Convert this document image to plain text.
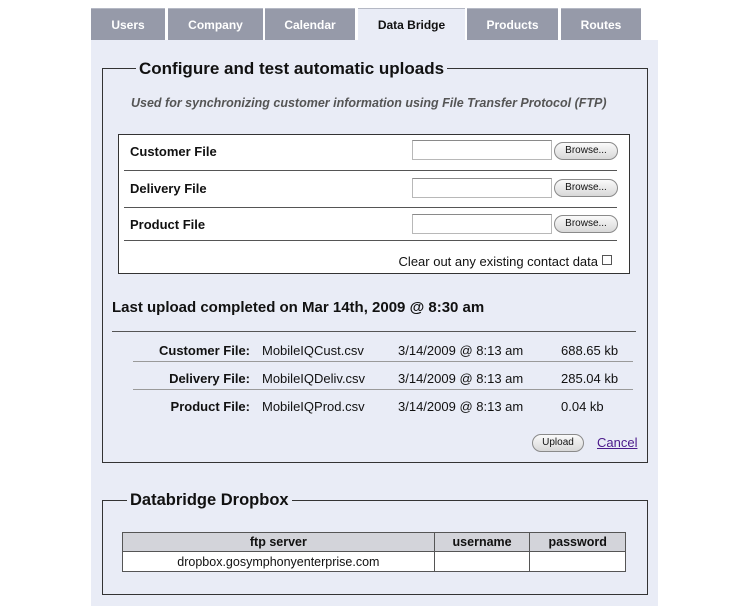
Users	Company	Calendar	Data Bridge	Products	Routes
Configure and test automatic uploads
Used for synchronizing customer information using File Transfer Protocol (FTP)
Customer File	Browse...
Delivery File	Browse...
Product File	Browse...
Clear out any existing contact data
Last upload completed on Mar 14th, 2009 @ 8:30 am
Customer File: MobileIQCust.csv	3/14/2009 @ 8:13 am	688.65 kb
Delivery File: MobileIQDeliv.csv	3/14/2009 @ 8:13 am	285.04 kb
Product File: MobileIQProd.csv	3/14/2009 @ 8:13 am	0.04 kb
Upload	Cancel
Databridge Dropbox
ftp server	username	password
dropbox.gosymphonyenterprise.com		
